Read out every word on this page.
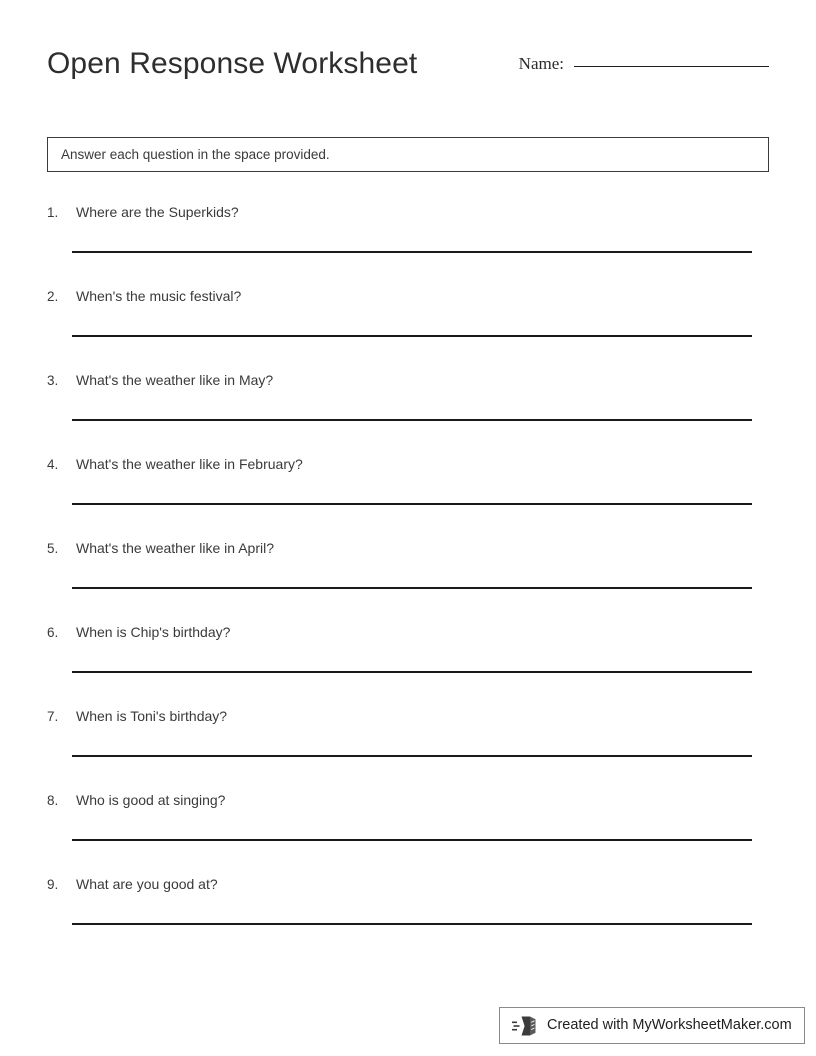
Open Response Worksheet	Name:
Answer each question in the space provided.
1.	Where are the Superkids?
2.	When's the music festival?
3.	What's the weather like in May?
4.	What's the weather like in February?
5.	What's the weather like in April?
6.	When is Chip's birthday?
7.	When is Toni's birthday?
8.	Who is good at singing?
9.	What are you good at?
Created with MyWorksheetMaker.com
